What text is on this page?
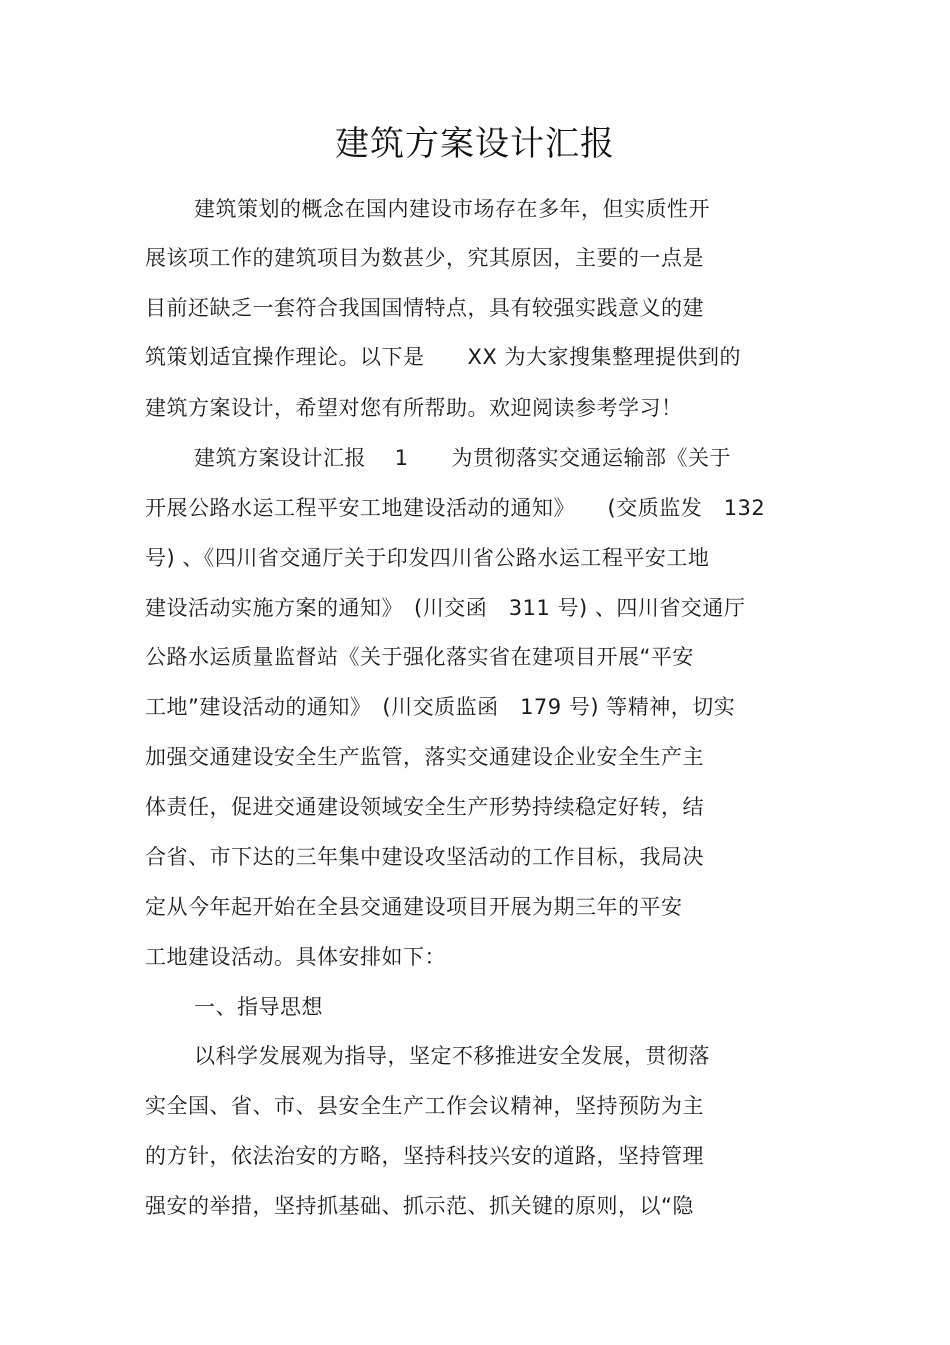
建筑方案设计汇报
建筑策划的概念在国内建设市场存在多年，但实质性开
展该项工作的建筑项目为数甚少，究其原因，主要的一点是
目前还缺乏一套符合我国国情特点，具有较强实践意义的建
筑策划适宜操作理论。以下是　　XX 为大家搜集整理提供到的
建筑方案设计，希望对您有所帮助。欢迎阅读参考学习！
建筑方案设计汇报　 1　　为贯彻落实交通运输部《关于
开展公路水运工程平安工地建设活动的通知》　　(交质监发　132
号) 、《四川省交通厅关于印发四川省公路水运工程平安工地
建设活动实施方案的通知》　(川交函　311 号) 、四川省交通厅
公路水运质量监督站《关于强化落实省在建项目开展“平安
工地”建设活动的通知》　(川交质监函　179 号) 等精神，切实
加强交通建设安全生产监管，落实交通建设企业安全生产主
体责任，促进交通建设领域安全生产形势持续稳定好转，结
合省、市下达的三年集中建设攻坚活动的工作目标，我局决
定从今年起开始在全县交通建设项目开展为期三年的平安
工地建设活动。具体安排如下：
一、指导思想
以科学发展观为指导，坚定不移推进安全发展，贯彻落
实全国、省、市、县安全生产工作会议精神，坚持预防为主
的方针，依法治安的方略，坚持科技兴安的道路，坚持管理
强安的举措，坚持抓基础、抓示范、抓关键的原则，以“隐
